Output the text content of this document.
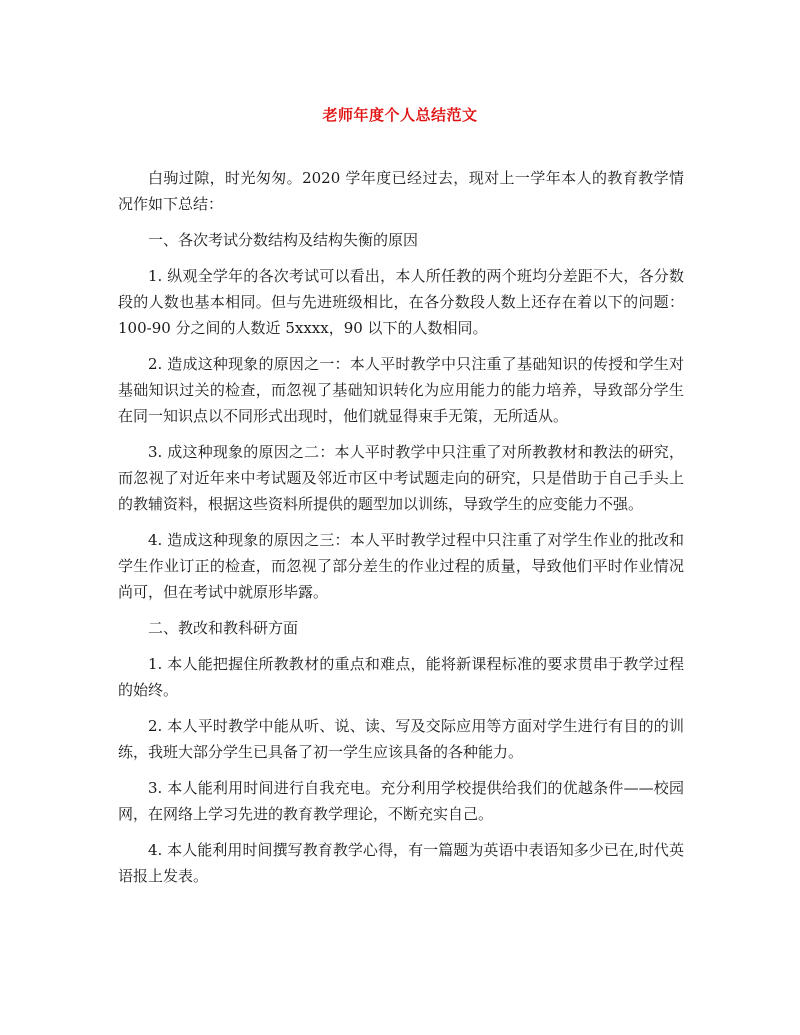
老师年度个人总结范文

白驹过隙，时光匆匆。2020 学年度已经过去，现对上一学年本人的教育教学情况作如下总结：

一、各次考试分数结构及结构失衡的原因

1. 纵观全学年的各次考试可以看出，本人所任教的两个班均分差距不大，各分数段的人数也基本相同。但与先进班级相比，在各分数段人数上还存在着以下的问题：100-90 分之间的人数近 5xxxx，90 以下的人数相同。

2. 造成这种现象的原因之一：本人平时教学中只注重了基础知识的传授和学生对基础知识过关的检查，而忽视了基础知识转化为应用能力的能力培养，导致部分学生在同一知识点以不同形式出现时，他们就显得束手无策，无所适从。

3. 成这种现象的原因之二：本人平时教学中只注重了对所教教材和教法的研究，而忽视了对近年来中考试题及邻近市区中考试题走向的研究，只是借助于自己手头上的教辅资料，根据这些资料所提供的题型加以训练，导致学生的应变能力不强。

4. 造成这种现象的原因之三：本人平时教学过程中只注重了对学生作业的批改和学生作业订正的检查，而忽视了部分差生的作业过程的质量，导致他们平时作业情况尚可，但在考试中就原形毕露。

二、教改和教科研方面

1. 本人能把握住所教教材的重点和难点，能将新课程标准的要求贯串于教学过程的始终。

2. 本人平时教学中能从听、说、读、写及交际应用等方面对学生进行有目的的训练，我班大部分学生已具备了初一学生应该具备的各种能力。

3. 本人能利用时间进行自我充电。充分利用学校提供给我们的优越条件——校园网，在网络上学习先进的教育教学理论，不断充实自己。

4. 本人能利用时间撰写教育教学心得，有一篇题为英语中表语知多少已在,时代英语报上发表。
